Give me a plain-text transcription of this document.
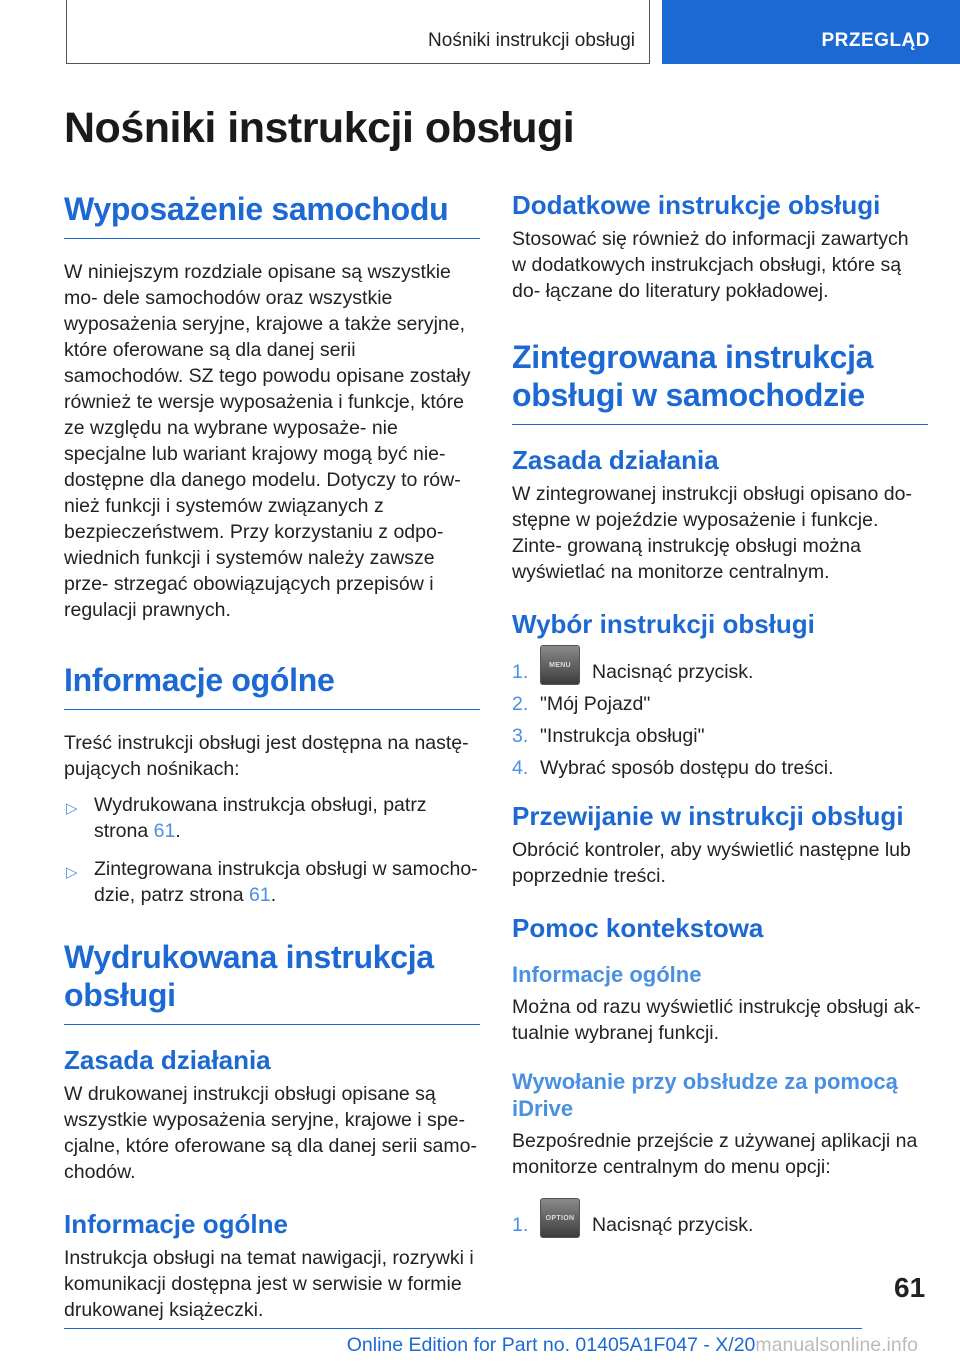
Nośniki instrukcji obsługi	PRZEGLĄD
Nośniki instrukcji obsługi
Wyposażenie samochodu

W niniejszym rozdziale opisane są wszystkie mo- dele samochodów oraz wszystkie wyposażenia seryjne, krajowe a także seryjne, które oferowane są dla danej serii samochodów. SZ tego powodu opisane zostały również te wersje wyposażenia i funkcje, które ze względu na wybrane wyposaże- nie specjalne lub wariant krajowy mogą być nie- dostępne dla danego modelu. Dotyczy to rów- nież funkcji i systemów związanych z bezpieczeństwem. Przy korzystaniu z odpo- wiednich funkcji i systemów należy zawsze prze- strzegać obowiązujących przepisów i regulacji prawnych.

Informacje ogólne

Treść instrukcji obsługi jest dostępna na nastę- pujących nośnikach:

▷ Wydrukowana instrukcja obsługi, patrz strona 61.
▷ Zintegrowana instrukcja obsługi w samocho- dzie, patrz strona 61.
Wydrukowana instrukcja obsługi
Zasada działania

W drukowanej instrukcji obsługi opisane są wszystkie wyposażenia seryjne, krajowe i spe- cjalne, które oferowane są dla danej serii samo- chodów.

Informacje ogólne

Instrukcja obsługi na temat nawigacji, rozrywki i komunikacji dostępna jest w serwisie w formie drukowanej książeczki.

Dodatkowe instrukcje obsługi

Stosować się również do informacji zawartych w dodatkowych instrukcjach obsługi, które są do- łączane do literatury pokładowej.

Zintegrowana instrukcja obsługi w samochodzie
Zasada działania

W zintegrowanej instrukcji obsługi opisano do- stępne w pojeździe wyposażenie i funkcje. Zinte- growaną instrukcję obsługi można wyświetlać na monitorze centralnym.

Wybór instrukcji obsługi
1.	MENU	Nacisnąć przycisk.
2. "Mój Pojazd"
3. "Instrukcja obsługi"
4. Wybrać sposób dostępu do treści.
Przewijanie w instrukcji obsługi

Obrócić kontroler, aby wyświetlić następne lub poprzednie treści.

Pomoc kontekstowa
Informacje ogólne

Można od razu wyświetlić instrukcję obsługi ak- tualnie wybranej funkcji.

Wywołanie przy obsłudze za pomocą iDrive

Bezpośrednie przejście z używanej aplikacji na monitorze centralnym do menu opcji:

1.	OPTION Nacisnąć przycisk.
61
Online Edition for Part no. 01405A1F047 - X/20manualsonline.info
